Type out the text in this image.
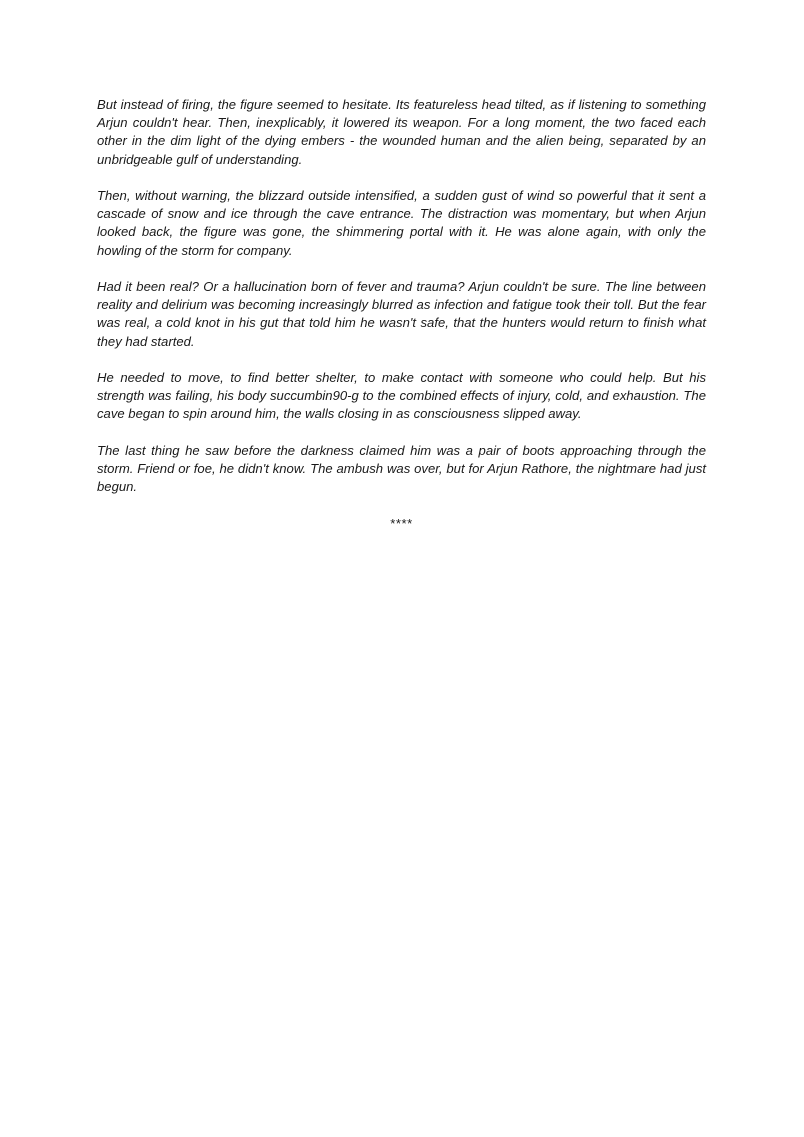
But instead of firing, the figure seemed to hesitate. Its featureless head tilted, as if listening to something Arjun couldn't hear. Then, inexplicably, it lowered its weapon. For a long moment, the two faced each other in the dim light of the dying embers - the wounded human and the alien being, separated by an unbridgeable gulf of understanding.

Then, without warning, the blizzard outside intensified, a sudden gust of wind so powerful that it sent a cascade of snow and ice through the cave entrance. The distraction was momentary, but when Arjun looked back, the figure was gone, the shimmering portal with it. He was alone again, with only the howling of the storm for company.

Had it been real? Or a hallucination born of fever and trauma? Arjun couldn't be sure. The line between reality and delirium was becoming increasingly blurred as infection and fatigue took their toll. But the fear was real, a cold knot in his gut that told him he wasn't safe, that the hunters would return to finish what they had started.

He needed to move, to find better shelter, to make contact with someone who could help. But his strength was failing, his body succumbin90-g to the combined effects of injury, cold, and exhaustion. The cave began to spin around him, the walls closing in as consciousness slipped away.

The last thing he saw before the darkness claimed him was a pair of boots approaching through the storm. Friend or foe, he didn't know. The ambush was over, but for Arjun Rathore, the nightmare had just begun.

****
